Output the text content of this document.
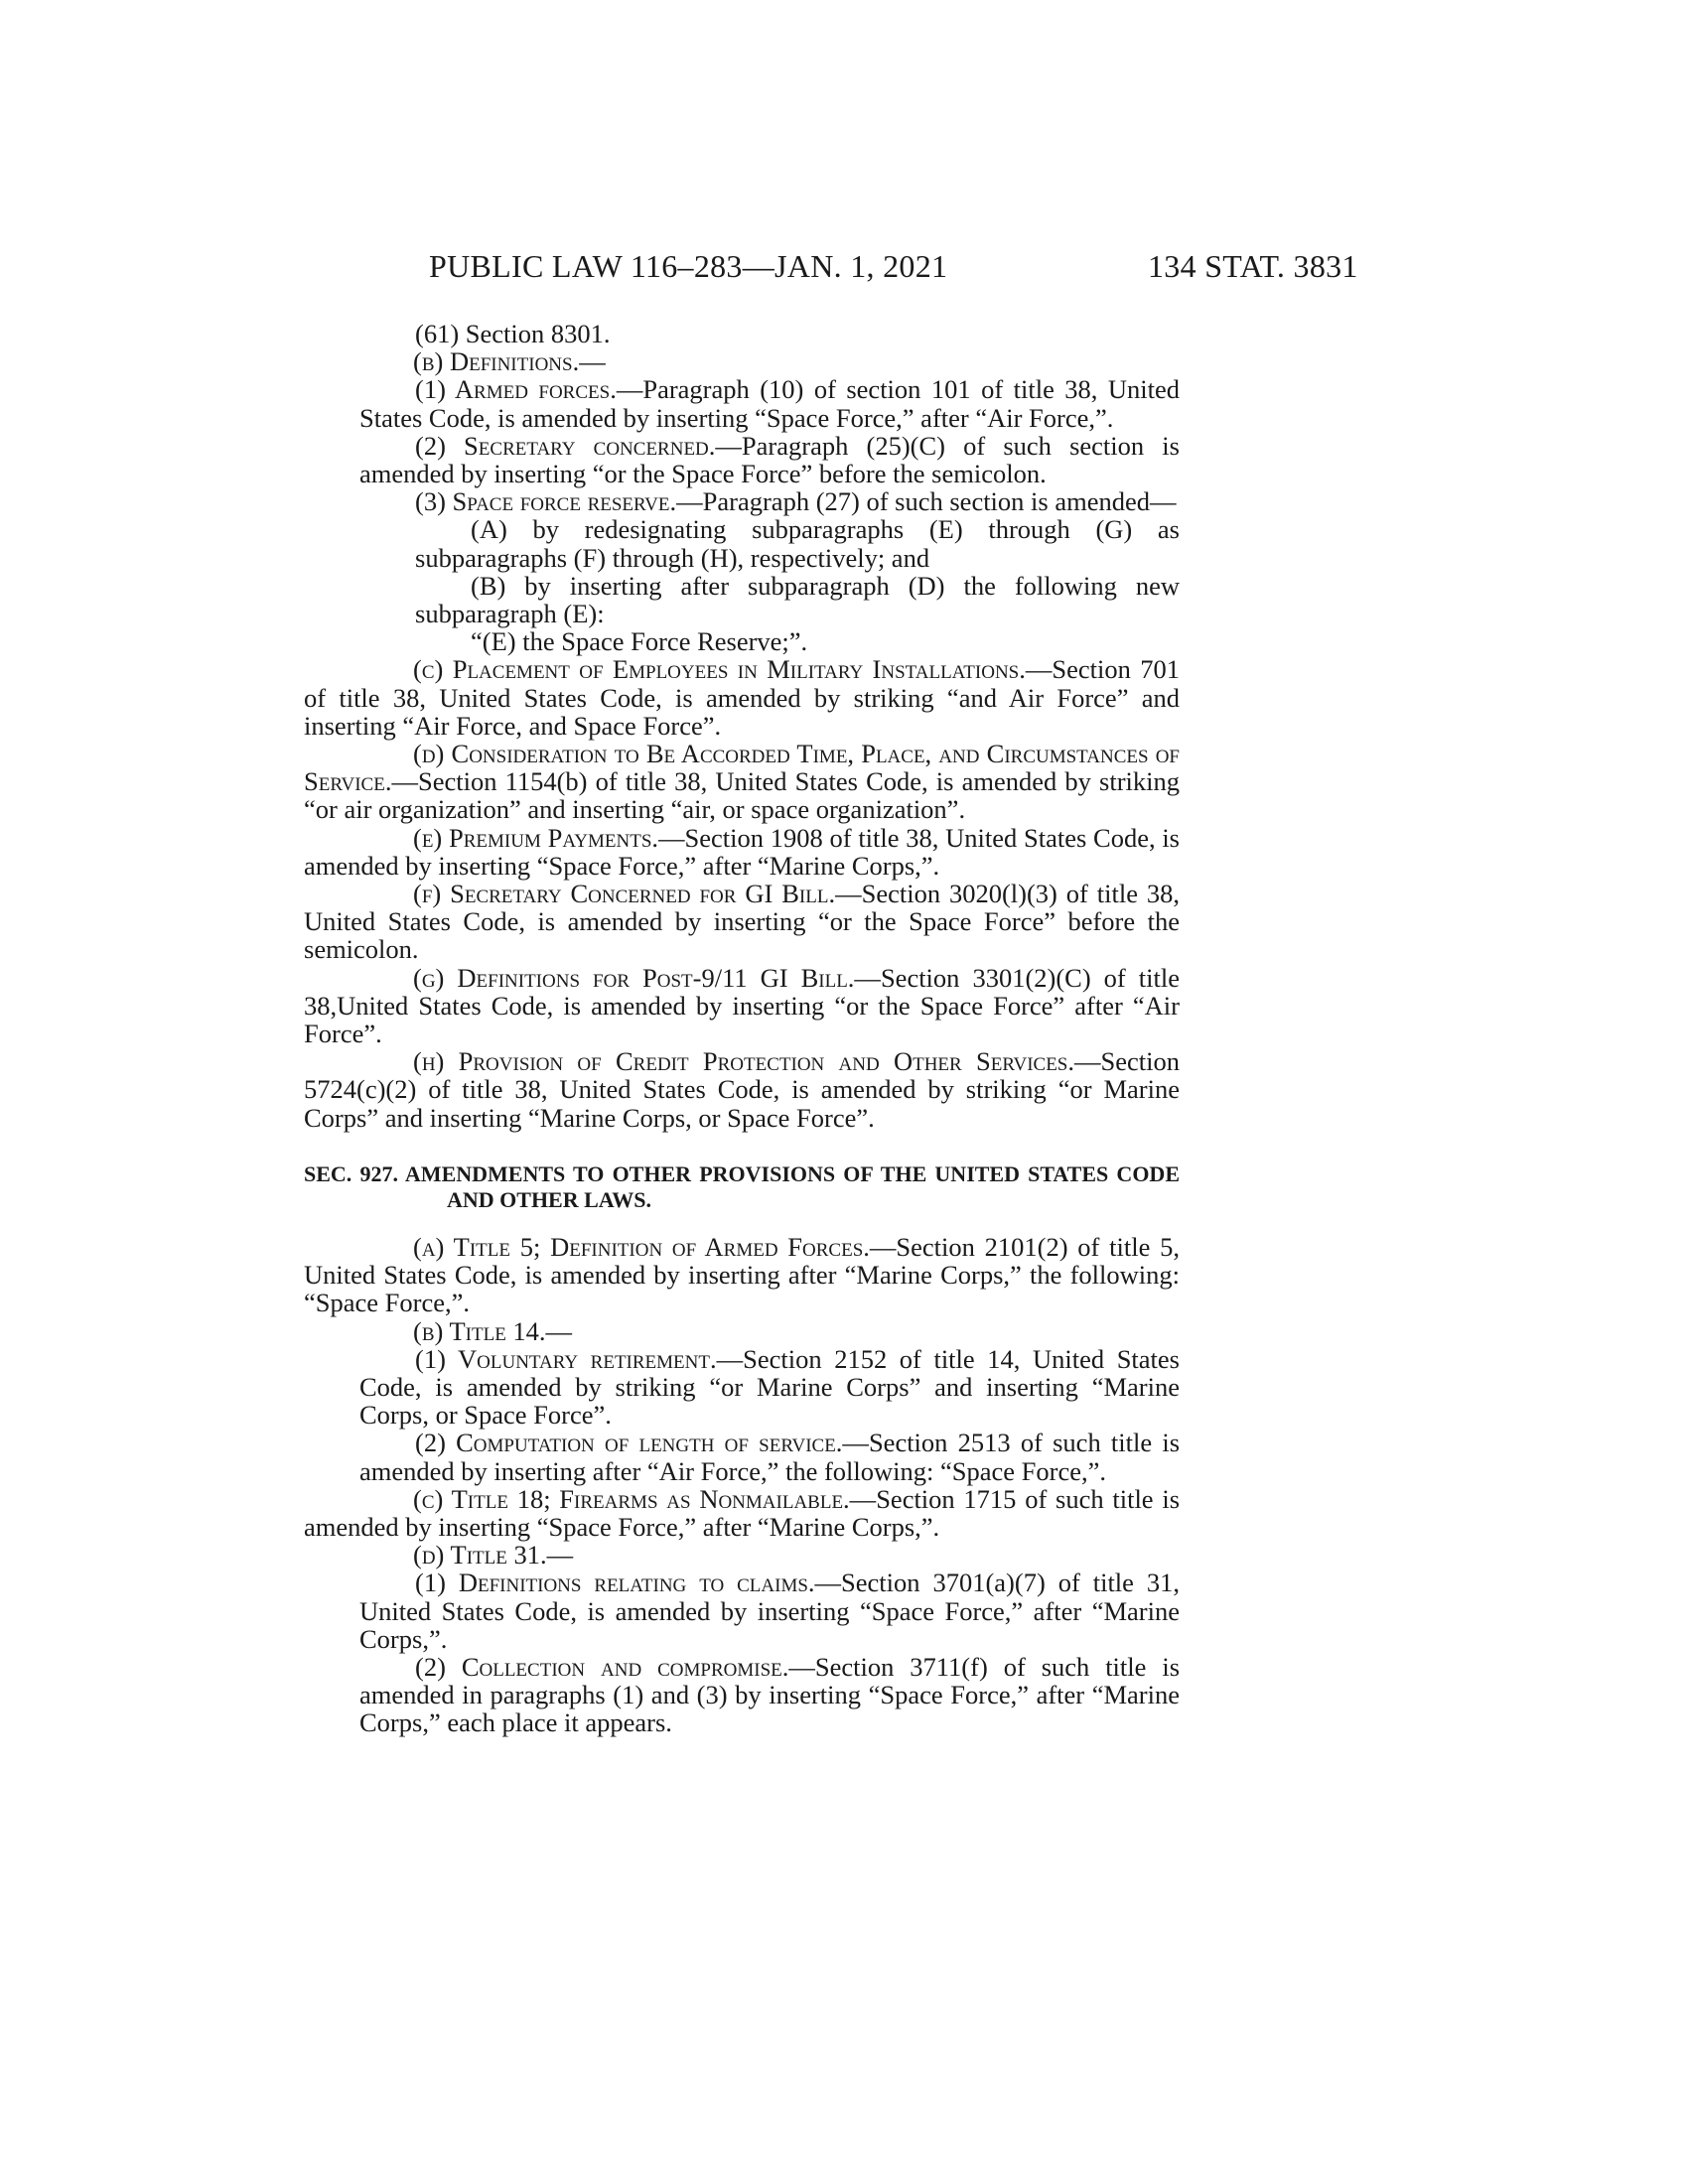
PUBLIC LAW 116–283—JAN. 1, 2021	134 STAT. 3831

(61) Section 8301.

(b) Definitions.—

(1) Armed forces.—Paragraph (10) of section 101 of title 38, United States Code, is amended by inserting “Space Force,” after “Air Force,”.

(2) Secretary concerned.—Paragraph (25)(C) of such section is amended by inserting “or the Space Force” before the semicolon.

(3) Space force reserve.—Paragraph (27) of such section is amended—

(A) by redesignating subparagraphs (E) through (G) as subparagraphs (F) through (H), respectively; and

(B) by inserting after subparagraph (D) the following new subparagraph (E):

“(E) the Space Force Reserve;”.

(c) Placement of Employees in Military Installations.—Section 701 of title 38, United States Code, is amended by striking “and Air Force” and inserting “Air Force, and Space Force”.

(d) Consideration to Be Accorded Time, Place, and Circumstances of Service.—Section 1154(b) of title 38, United States Code, is amended by striking “or air organization” and inserting “air, or space organization”.

(e) Premium Payments.—Section 1908 of title 38, United States Code, is amended by inserting “Space Force,” after “Marine Corps,”.

(f) Secretary Concerned for GI Bill.—Section 3020(l)(3) of title 38, United States Code, is amended by inserting “or the Space Force” before the semicolon.

(g) Definitions for Post-9/11 GI Bill.—Section 3301(2)(C) of title 38,United States Code, is amended by inserting “or the Space Force” after “Air Force”.

(h) Provision of Credit Protection and Other Services.—Section 5724(c)(2) of title 38, United States Code, is amended by striking “or Marine Corps” and inserting “Marine Corps, or Space Force”.

SEC. 927. AMENDMENTS TO OTHER PROVISIONS OF THE UNITED STATES CODE AND OTHER LAWS.

(a) Title 5; Definition of Armed Forces.—Section 2101(2) of title 5, United States Code, is amended by inserting after “Marine Corps,” the following: “Space Force,”.

(b) Title 14.—

(1) Voluntary retirement.—Section 2152 of title 14, United States Code, is amended by striking “or Marine Corps” and inserting “Marine Corps, or Space Force”.

(2) Computation of length of service.—Section 2513 of such title is amended by inserting after “Air Force,” the following: “Space Force,”.

(c) Title 18; Firearms as Nonmailable.—Section 1715 of such title is amended by inserting “Space Force,” after “Marine Corps,”.

(d) Title 31.—

(1) Definitions relating to claims.—Section 3701(a)(7) of title 31, United States Code, is amended by inserting “Space Force,” after “Marine Corps,”.

(2) Collection and compromise.—Section 3711(f) of such title is amended in paragraphs (1) and (3) by inserting “Space Force,” after “Marine Corps,” each place it appears.
